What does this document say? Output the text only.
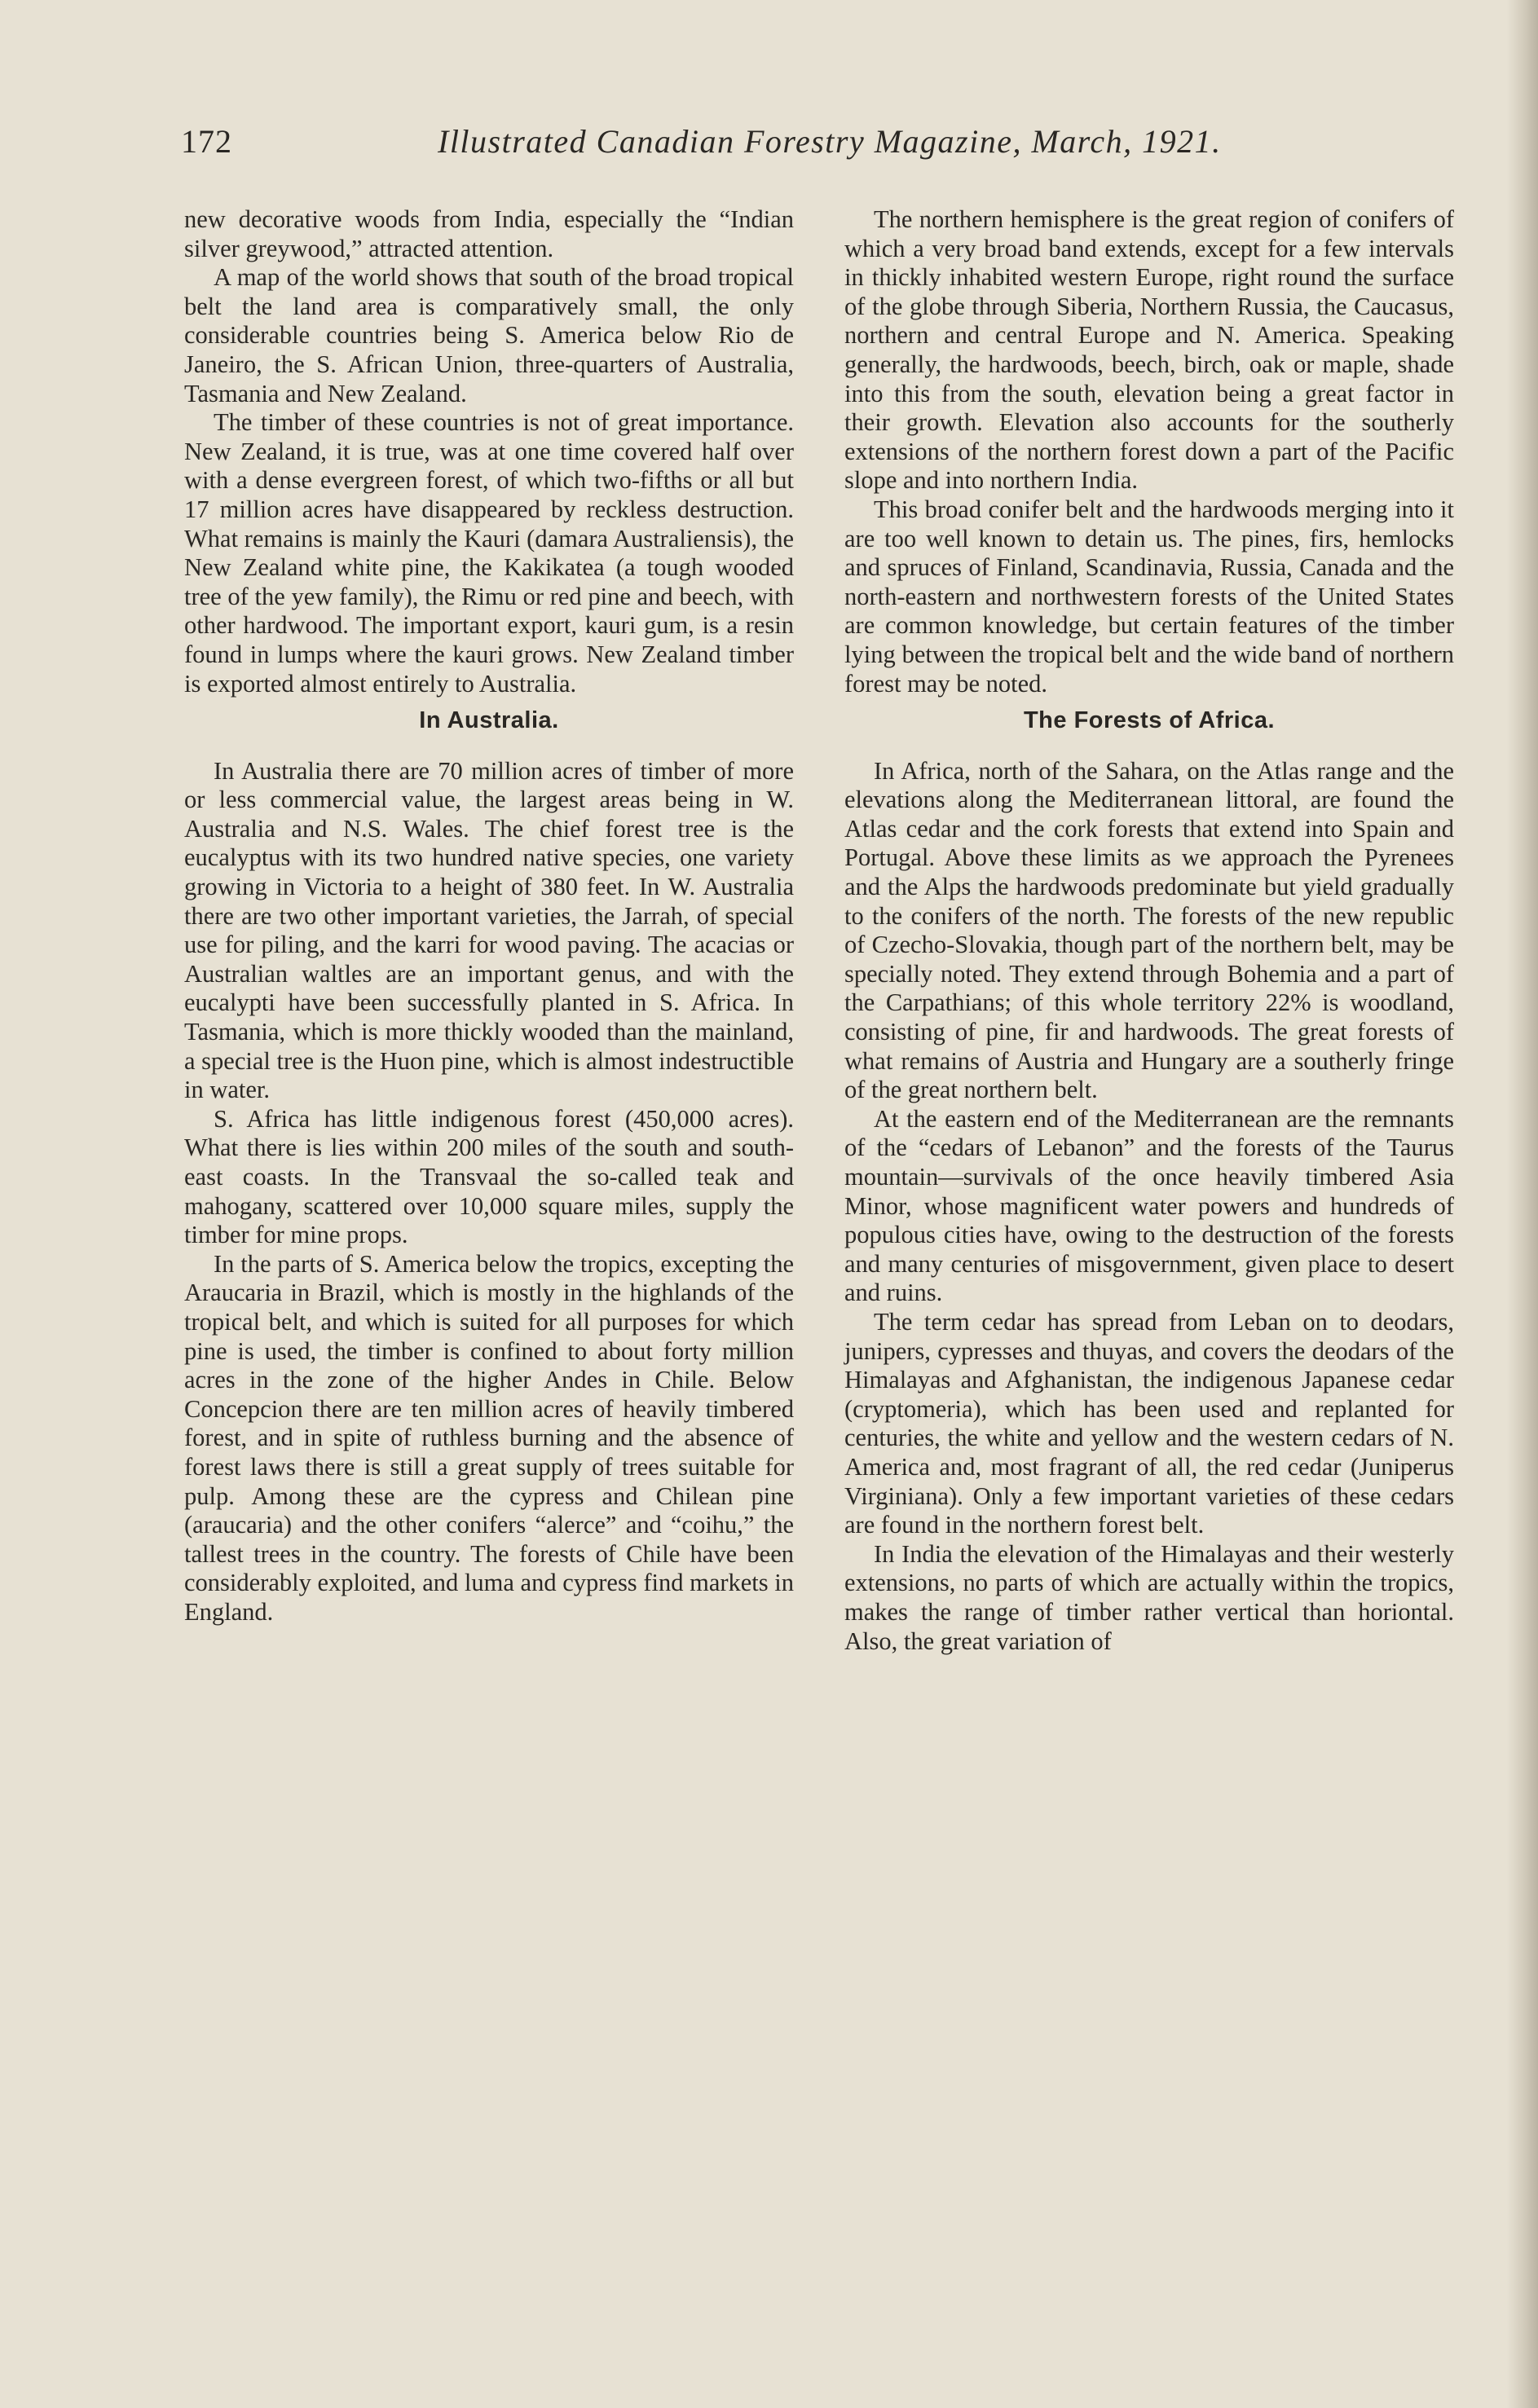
172	Illustrated Canadian Forestry Magazine, March, 1921.

new decorative woods from India, especially the “Indian silver greywood,” attracted attention.

A map of the world shows that south of the broad tropical belt the land area is comparatively small, the only considerable countries being S. America below Rio de Janeiro, the S. African Union, three-quarters of Australia, Tasmania and New Zealand.

The timber of these countries is not of great importance. New Zealand, it is true, was at one time covered half over with a dense evergreen forest, of which two-fifths or all but 17 million acres have disappeared by reckless destruction. What remains is mainly the Kauri (damara Australiensis), the New Zealand white pine, the Kakikatea (a tough wooded tree of the yew family), the Rimu or red pine and beech, with other hardwood. The important export, kauri gum, is a resin found in lumps where the kauri grows. New Zealand timber is exported almost entirely to Australia.

In Australia.

In Australia there are 70 million acres of timber of more or less commercial value, the largest areas being in W. Australia and N.S. Wales. The chief forest tree is the eucalyptus with its two hundred native species, one variety growing in Victoria to a height of 380 feet. In W. Australia there are two other important varieties, the Jarrah, of special use for piling, and the karri for wood paving. The acacias or Australian waltles are an important genus, and with the eucalypti have been successfully planted in S. Africa. In Tasmania, which is more thickly wooded than the mainland, a special tree is the Huon pine, which is almost indestructible in water.

S. Africa has little indigenous forest (450,000 acres). What there is lies within 200 miles of the south and south-east coasts. In the Transvaal the so-called teak and mahogany, scattered over 10,000 square miles, supply the timber for mine props.

In the parts of S. America below the tropics, excepting the Araucaria in Brazil, which is mostly in the highlands of the tropical belt, and which is suited for all purposes for which pine is used, the timber is confined to about forty million acres in the zone of the higher Andes in Chile. Below Concepcion there are ten million acres of heavily timbered forest, and in spite of ruthless burning and the absence of forest laws there is still a great supply of trees suitable for pulp. Among these are the cypress and Chilean pine (araucaria) and the other conifers “alerce” and “coihu,” the tallest trees in the country. The forests of Chile have been considerably exploited, and luma and cypress find markets in England.

The northern hemisphere is the great region of conifers of which a very broad band extends, except for a few intervals in thickly inhabited western Europe, right round the surface of the globe through Siberia, Northern Russia, the Caucasus, northern and central Europe and N. America. Speaking generally, the hardwoods, beech, birch, oak or maple, shade into this from the south, elevation being a great factor in their growth. Elevation also accounts for the southerly extensions of the northern forest down a part of the Pacific slope and into northern India.

This broad conifer belt and the hardwoods merging into it are too well known to detain us. The pines, firs, hemlocks and spruces of Finland, Scandinavia, Russia, Canada and the north-eastern and northwestern forests of the United States are common knowledge, but certain features of the timber lying between the tropical belt and the wide band of northern forest may be noted.

The Forests of Africa.

In Africa, north of the Sahara, on the Atlas range and the elevations along the Mediterranean littoral, are found the Atlas cedar and the cork forests that extend into Spain and Portugal. Above these limits as we approach the Pyrenees and the Alps the hardwoods predominate but yield gradually to the conifers of the north. The forests of the new republic of Czecho-Slovakia, though part of the northern belt, may be specially noted. They extend through Bohemia and a part of the Carpathians; of this whole territory 22% is woodland, consisting of pine, fir and hardwoods. The great forests of what remains of Austria and Hungary are a southerly fringe of the great northern belt.

At the eastern end of the Mediterranean are the remnants of the “cedars of Lebanon” and the forests of the Taurus mountain—survivals of the once heavily timbered Asia Minor, whose magnificent water powers and hundreds of populous cities have, owing to the destruction of the forests and many centuries of misgovernment, given place to desert and ruins.

The term cedar has spread from Leban on to deodars, junipers, cypresses and thuyas, and covers the deodars of the Himalayas and Afghanistan, the indigenous Japanese cedar (cryptomeria), which has been used and replanted for centuries, the white and yellow and the western cedars of N. America and, most fragrant of all, the red cedar (Juniperus Virginiana). Only a few important varieties of these cedars are found in the northern forest belt.

In India the elevation of the Himalayas and their westerly extensions, no parts of which are actually within the tropics, makes the range of timber rather vertical than horiontal. Also, the great variation of
